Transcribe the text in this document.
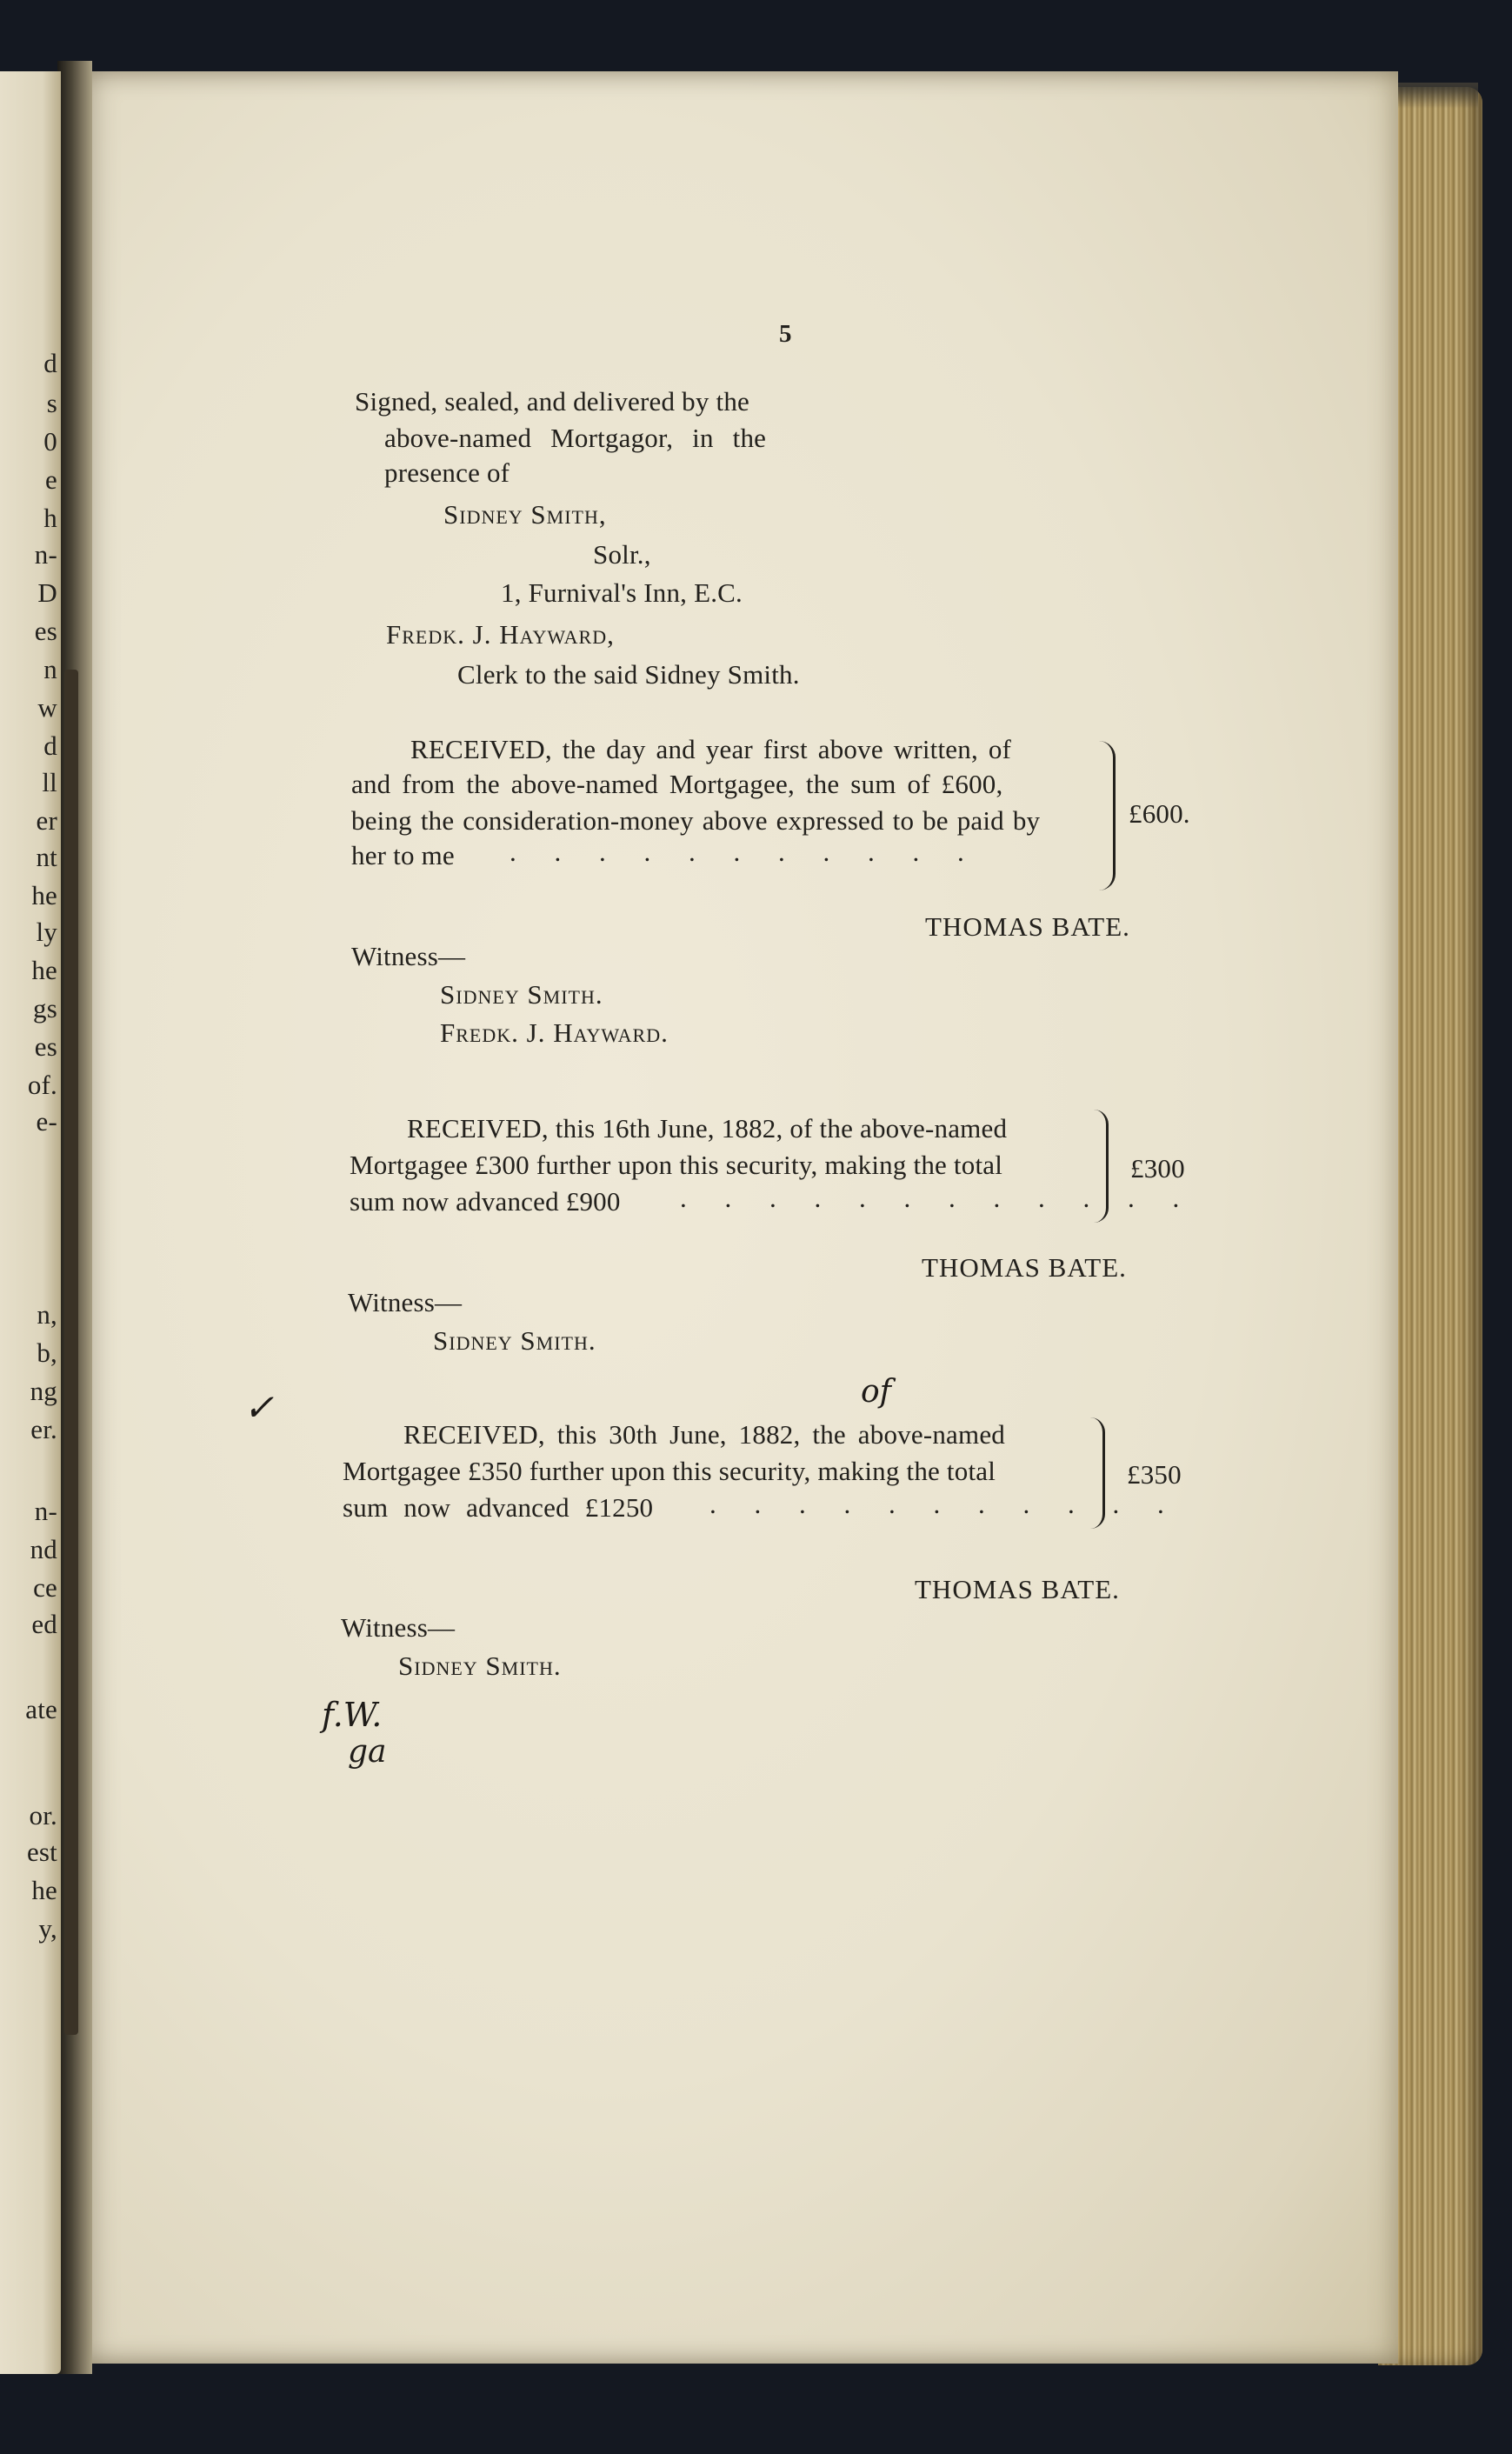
d
s
0
e
h
n-
D
es
n
w
d
ll
er
nt
he
ly
he
gs
es
of.
e-
n,
b,
ng
er.
n-
nd
ce
ed
ate
or.
est
he
y,
5
Signed, sealed, and delivered by the
above-named Mortgagor, in the
presence of
Sidney Smith,
Solr.,
1, Furnival's Inn, E.C.
Fredk. J. Hayward,
Clerk to the said Sidney Smith.
RECEIVED, the day and year first above written, of
and from the above-named Mortgagee, the sum of £600,
being the consideration-money above expressed to be paid by
her to me . . . . . . . . . . .
£600.
THOMAS BATE.
Witness—
Sidney Smith.
Fredk. J. Hayward.
RECEIVED, this 16th June, 1882, of the above-named
Mortgagee £300 further upon this security, making the total
sum now advanced £900 . . . . . . . . . . . .
£300
THOMAS BATE.
Witness—
Sidney Smith.
✓	of
RECEIVED, this 30th June, 1882, the above-named
Mortgagee £350 further upon this security, making the total
sum now advanced £1250 . . . . . . . . . . .
£350
THOMAS BATE.
Witness—
Sidney Smith.
f.W.
ga
